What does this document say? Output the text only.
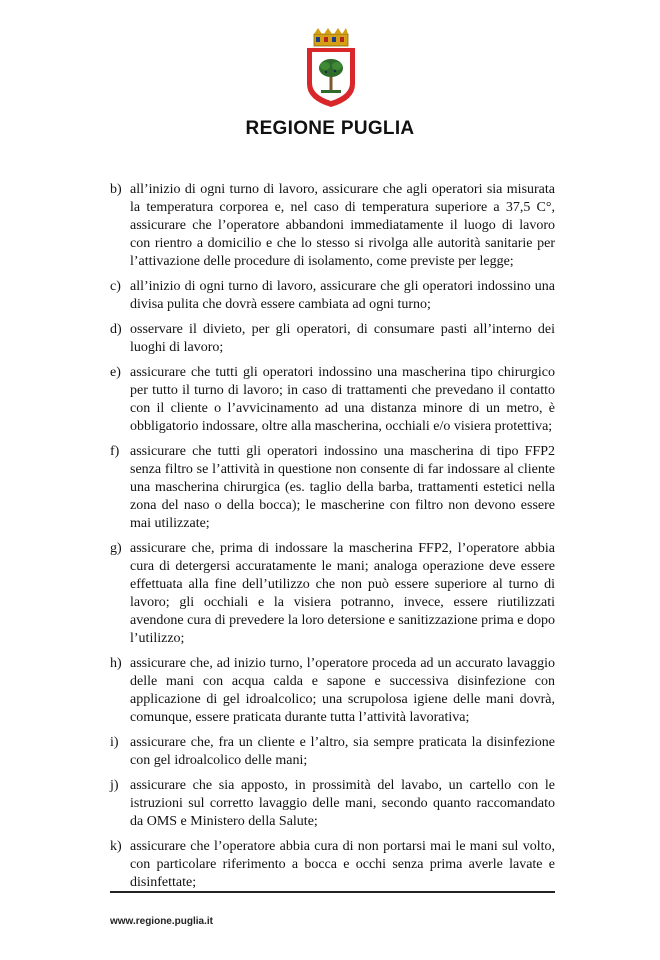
REGIONE PUGLIA
b) all’inizio di ogni turno di lavoro, assicurare che agli operatori sia misurata la temperatura corporea e, nel caso di temperatura superiore a 37,5 C°, assicurare che l’operatore abbandoni immediatamente il luogo di lavoro con rientro a domicilio e che lo stesso si rivolga alle autorità sanitarie per l’attivazione delle procedure di isolamento, come previste per legge;
c) all’inizio di ogni turno di lavoro, assicurare che gli operatori indossino una divisa pulita che dovrà essere cambiata ad ogni turno;
d) osservare il divieto, per gli operatori, di consumare pasti all’interno dei luoghi di lavoro;
e) assicurare che tutti gli operatori indossino una mascherina tipo chirurgico per tutto il turno di lavoro; in caso di trattamenti che prevedano il contatto con il cliente o l’avvicinamento ad una distanza minore di un metro, è obbligatorio indossare, oltre alla mascherina, occhiali e/o visiera protettiva;
f) assicurare che tutti gli operatori indossino una mascherina di tipo FFP2 senza filtro se l’attività in questione non consente di far indossare al cliente una mascherina chirurgica (es. taglio della barba, trattamenti estetici nella zona del naso o della bocca); le mascherine con filtro non devono essere mai utilizzate;
g) assicurare che, prima di indossare la mascherina FFP2, l’operatore abbia cura di detergersi accuratamente le mani; analoga operazione deve essere effettuata alla fine dell’utilizzo che non può essere superiore al turno di lavoro; gli occhiali e la visiera potranno, invece, essere riutilizzati avendone cura di prevedere la loro detersione e sanitizzazione prima e dopo l’utilizzo;
h) assicurare che, ad inizio turno, l’operatore proceda ad un accurato lavaggio delle mani con acqua calda e sapone e successiva disinfezione con applicazione di gel idroalcolico; una scrupolosa igiene delle mani dovrà, comunque, essere praticata durante tutta l’attività lavorativa;
i) assicurare che, fra un cliente e l’altro, sia sempre praticata la disinfezione con gel idroalcolico delle mani;
j) assicurare che sia apposto, in prossimità del lavabo, un cartello con le istruzioni sul corretto lavaggio delle mani, secondo quanto raccomandato da OMS e Ministero della Salute;
k) assicurare che l’operatore abbia cura di non portarsi mai le mani sul volto, con particolare riferimento a bocca e occhi senza prima averle lavate e disinfettate;
www.regione.puglia.it
